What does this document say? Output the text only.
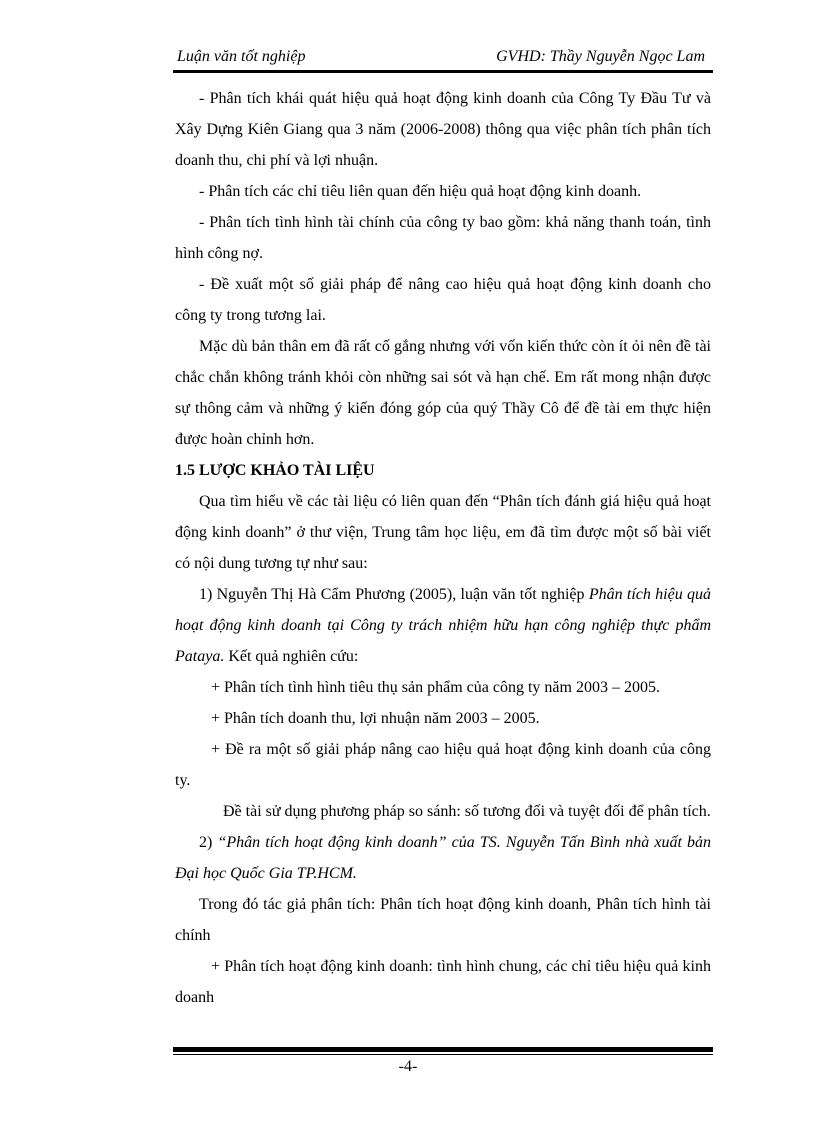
Luận văn tốt nghiệp	GVHD: Thầy Nguyễn Ngọc Lam

- Phân tích khái quát hiệu quả hoạt động kinh doanh của Công Ty Đầu Tư và Xây Dựng Kiên Giang qua 3 năm (2006-2008) thông qua việc phân tích phân tích doanh thu, chi phí và lợi nhuận.

- Phân tích các chỉ tiêu liên quan đến hiệu quả hoạt động kinh doanh.

- Phân tích tình hình tài chính của công ty bao gồm: khả năng thanh toán, tình hình công nợ.

- Đề xuất một số giải pháp để nâng cao hiệu quả hoạt động kinh doanh cho công ty trong tương lai.

Mặc dù bản thân em đã rất cố gắng nhưng với vốn kiến thức còn ít ỏi nên đề tài chắc chắn không tránh khỏi còn những sai sót và hạn chế. Em rất mong nhận được sự thông cảm và những ý kiến đóng góp của quý Thầy Cô để đề tài em thực hiện được hoàn chỉnh hơn.

1.5 LƯỢC KHẢO TÀI LIỆU

Qua tìm hiểu về các tài liệu có liên quan đến “Phân tích đánh giá hiệu quả hoạt động kinh doanh” ở thư viện, Trung tâm học liệu, em đã tìm được một số bài viết có nội dung tương tự như sau:

1) Nguyễn Thị Hà Cẩm Phương (2005), luận văn tốt nghiệp Phân tích hiệu quả hoạt động kinh doanh tại Công ty trách nhiệm hữu hạn công nghiệp thực phẩm Pataya. Kết quả nghiên cứu:

+ Phân tích tình hình tiêu thụ sản phẩm của công ty năm 2003 – 2005.

+ Phân tích doanh thu, lợi nhuận năm 2003 – 2005.

+ Đề ra một số giải pháp nâng cao hiệu quả hoạt động kinh doanh của công ty.

Đề tài sử dụng phương pháp so sánh: số tương đối và tuyệt đối để phân tích.

2) “Phân tích hoạt động kinh doanh” của TS. Nguyễn Tấn Bình nhà xuất bản Đại học Quốc Gia TP.HCM.

Trong đó tác giả phân tích: Phân tích hoạt động kinh doanh, Phân tích hình tài chính

+ Phân tích hoạt động kinh doanh: tình hình chung, các chỉ tiêu hiệu quả kinh doanh

-4-
